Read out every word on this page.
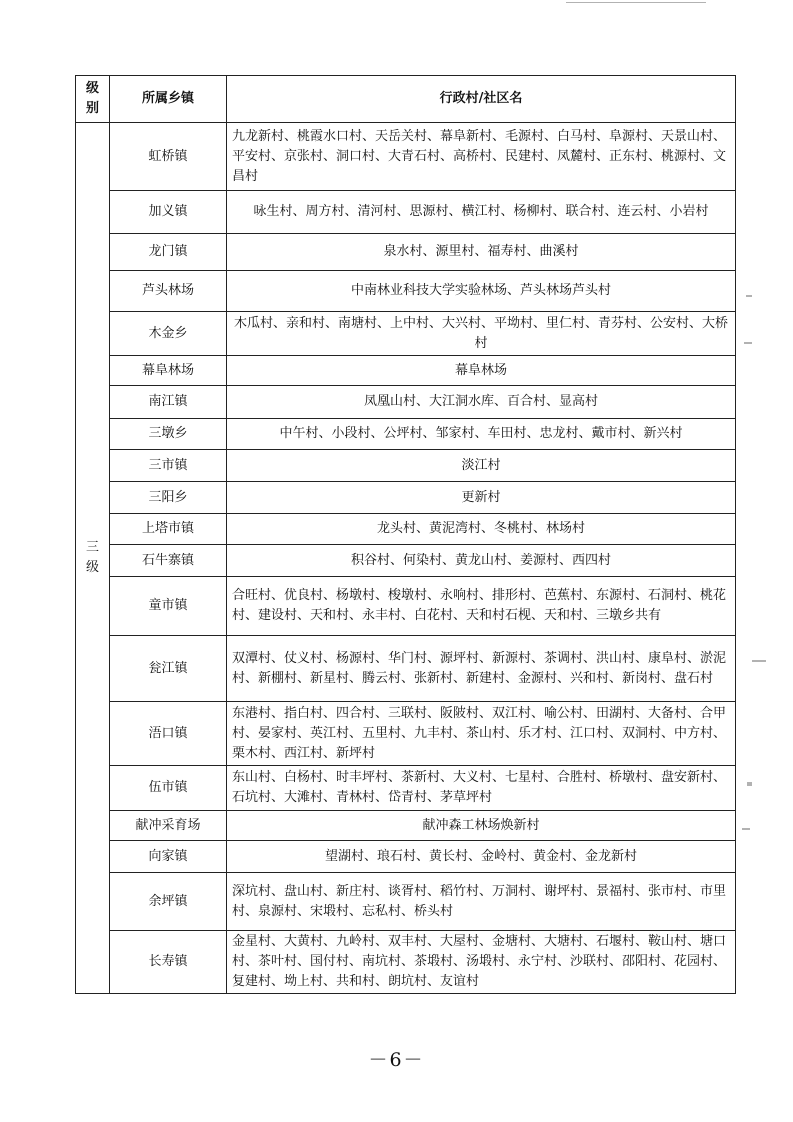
级别	所属乡镇	行政村/社区名
三级	虹桥镇	九龙新村、桃霞水口村、天岳关村、幕阜新村、毛源村、白马村、阜源村、天景山村、平安村、京张村、洞口村、大青石村、高桥村、民建村、凤麓村、正东村、桃源村、文昌村
	加义镇	咏生村、周方村、清河村、思源村、横江村、杨柳村、联合村、连云村、小岩村
	龙门镇	泉水村、源里村、福寿村、曲溪村
	芦头林场	中南林业科技大学实验林场、芦头林场芦头村
	木金乡	木瓜村、亲和村、南塘村、上中村、大兴村、平坳村、里仁村、青芬村、公安村、大桥村
	幕阜林场	幕阜林场
	南江镇	凤凰山村、大江洞水库、百合村、显高村
	三墩乡	中午村、小段村、公坪村、邹家村、车田村、忠龙村、戴市村、新兴村
	三市镇	淡江村
	三阳乡	更新村
	上塔市镇	龙头村、黄泥湾村、冬桃村、林场村
	石牛寨镇	积谷村、何染村、黄龙山村、姜源村、西四村
	童市镇	合旺村、优良村、杨墩村、梭墩村、永响村、排形村、芭蕉村、东源村、石洞村、桃花村、建设村、天和村、永丰村、白花村、天和村石枧、天和村、三墩乡共有
	瓮江镇	双潭村、仗义村、杨源村、华门村、源坪村、新源村、茶调村、洪山村、康阜村、淤泥村、新棚村、新星村、腾云村、张新村、新建村、金源村、兴和村、新岗村、盘石村
	浯口镇	东港村、指白村、四合村、三联村、阪陂村、双江村、喻公村、田湖村、大备村、合甲村、晏家村、英江村、五里村、九丰村、茶山村、乐才村、江口村、双洞村、中方村、栗木村、西江村、新坪村
	伍市镇	东山村、白杨村、时丰坪村、茶新村、大义村、七星村、合胜村、桥墩村、盘安新村、石坑村、大滩村、青林村、岱青村、茅草坪村
	献冲采育场	献冲森工林场焕新村
	向家镇	望湖村、琅石村、黄长村、金岭村、黄金村、金龙新村
	余坪镇	深坑村、盘山村、新庄村、谈胥村、稻竹村、万洞村、谢坪村、景福村、张市村、市里村、泉源村、宋塅村、忘私村、桥头村
	长寿镇	金星村、大黄村、九岭村、双丰村、大屋村、金塘村、大塘村、石堰村、鞍山村、塘口村、茶叶村、国付村、南坑村、茶塅村、汤塅村、永宁村、沙联村、邵阳村、花园村、复建村、坳上村、共和村、朗坑村、友谊村
－6－
